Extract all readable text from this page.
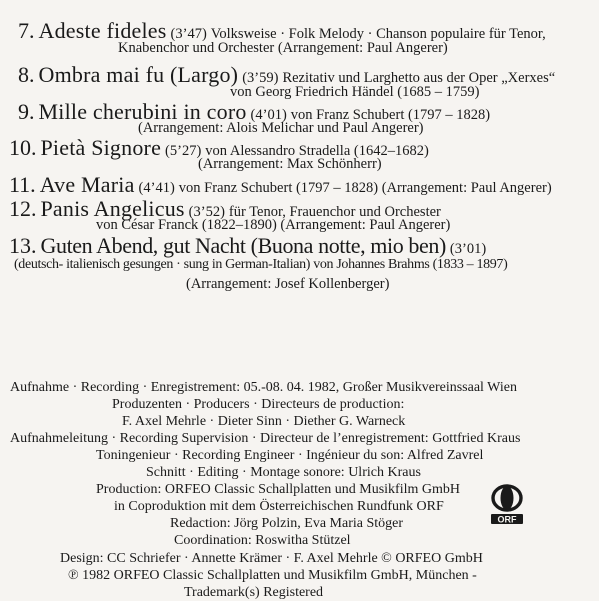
7. Adeste fideles (3’47) Volksweise · Folk Melody · Chanson populaire für Tenor,
Knabenchor und Orchester (Arrangement: Paul Angerer)
8. Ombra mai fu (Largo) (3’59) Rezitativ und Larghetto aus der Oper „Xerxes“
von Georg Friedrich Händel (1685 – 1759)
9. Mille cherubini in coro (4’01) von Franz Schubert (1797 – 1828)
(Arrangement: Alois Melichar und Paul Angerer)
10. Pietà Signore (5’27) von Alessandro Stradella (1642–1682)
(Arrangement: Max Schönherr)
11. Ave Maria (4’41) von Franz Schubert (1797 – 1828) (Arrangement: Paul Angerer)
12. Panis Angelicus (3’52) für Tenor, Frauenchor und Orchester
von César Franck (1822–1890) (Arrangement: Paul Angerer)
13. Guten Abend, gut Nacht (Buona notte, mio ben) (3’01)
(deutsch- italienisch gesungen · sung in German-Italian) von Johannes Brahms (1833 – 1897)
(Arrangement: Josef Kollenberger)
Aufnahme · Recording · Enregistrement: 05.-08. 04. 1982, Großer Musikvereinssaal Wien
Produzenten · Producers · Directeurs de production:
F. Axel Mehrle · Dieter Sinn · Diether G. Warneck
Aufnahmeleitung · Recording Supervision · Directeur de l’enregistrement: Gottfried Kraus
Toningenieur · Recording Engineer · Ingénieur du son: Alfred Zavrel
Schnitt · Editing · Montage sonore: Ulrich Kraus
Production: ORFEO Classic Schallplatten und Musikfilm GmbH
in Coproduktion mit dem Österreichischen Rundfunk ORF
Redaction: Jörg Polzin, Eva Maria Stöger
Coordination: Roswitha Stützel
Design: CC Schriefer · Annette Krämer · F. Axel Mehrle © ORFEO GmbH
℗ 1982 ORFEO Classic Schallplatten und Musikfilm GmbH, München -
Trademark(s) Registered
ORF
